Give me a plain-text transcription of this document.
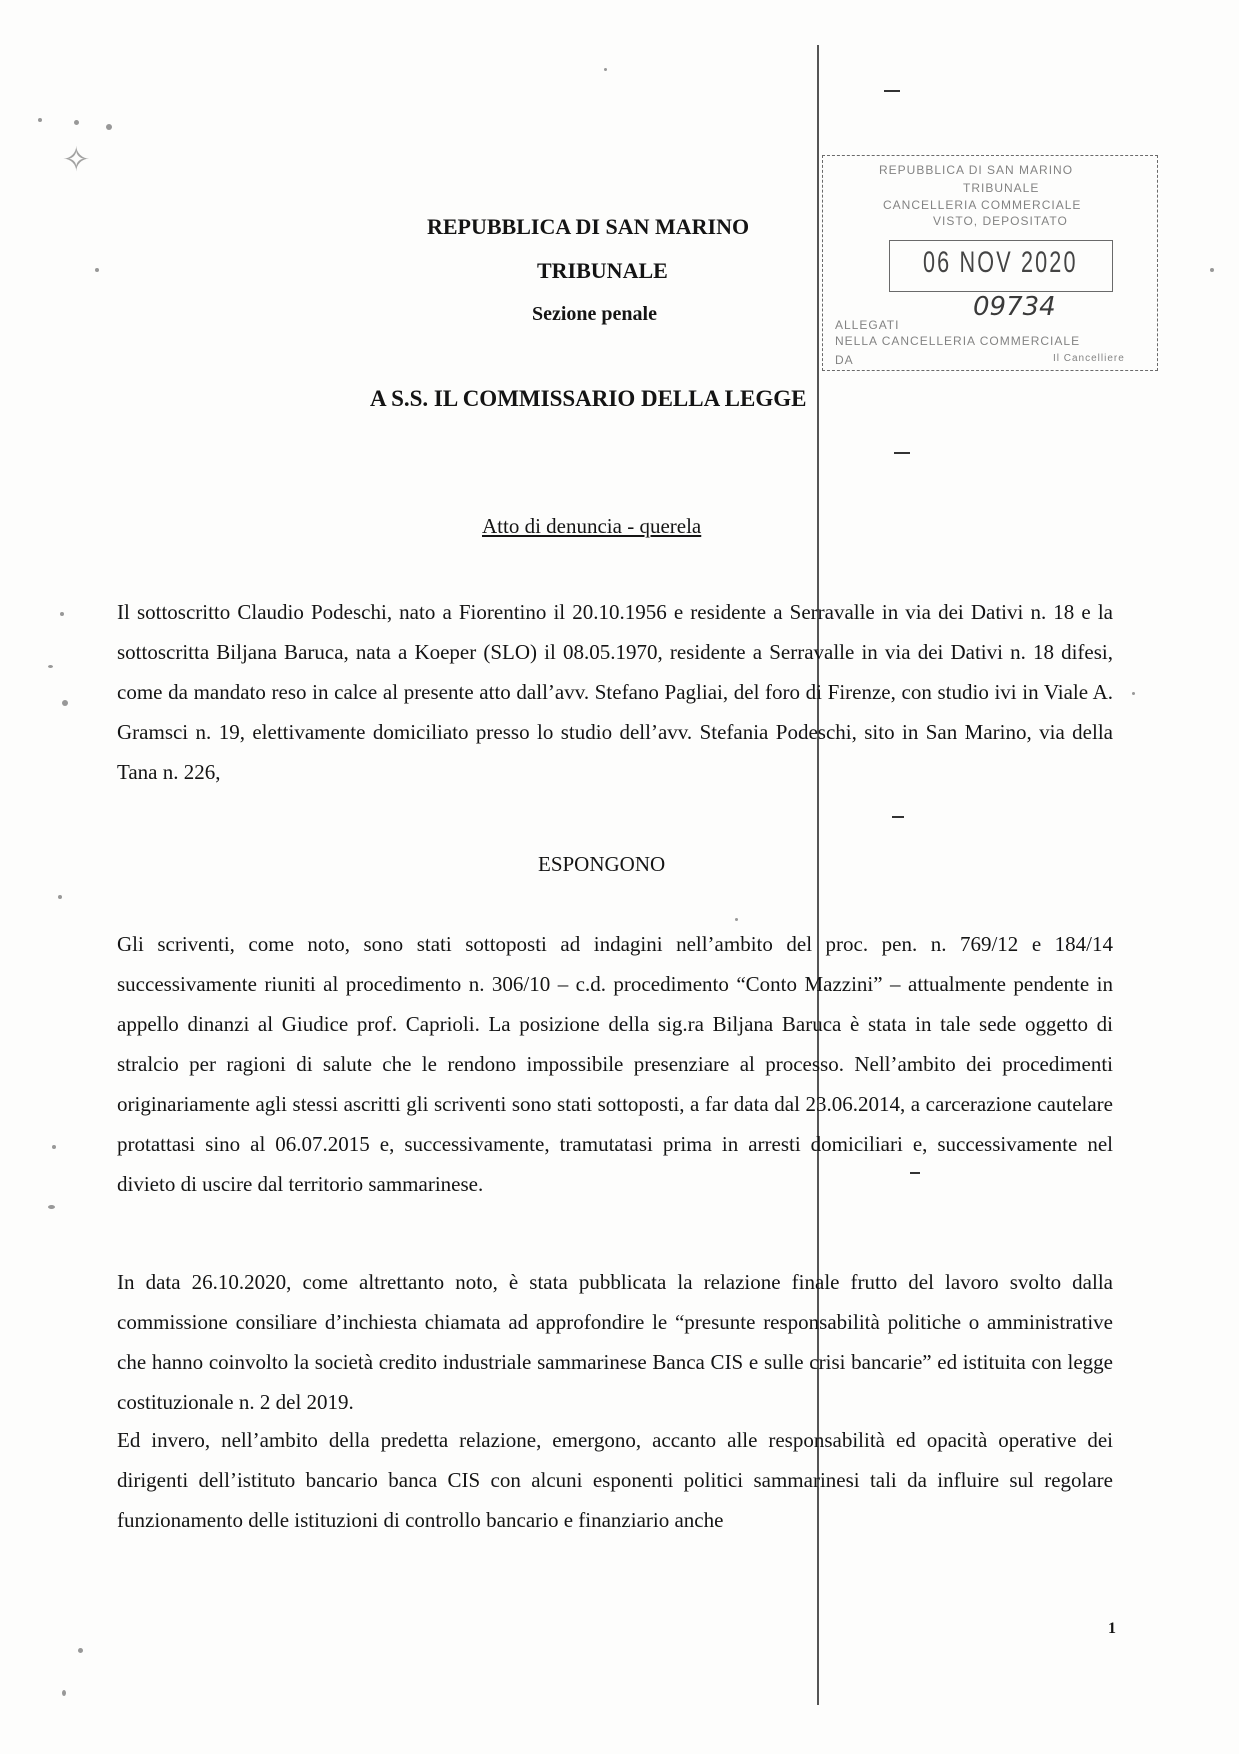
✧	REPUBBLICA DI SAN MARINO
TRIBUNALE
CANCELLERIA COMMERCIALE
VISTO, DEPOSITATO
06 NOV 2020
09734
ALLEGATI
NELLA CANCELLERIA COMMERCIALE
DA	Il Cancelliere
REPUBBLICA DI SAN MARINO
TRIBUNALE
Sezione penale
A S.S. IL COMMISSARIO DELLA LEGGE
Atto di denuncia - querela

Il sottoscritto Claudio Podeschi, nato a Fiorentino il 20.10.1956 e residente a Serravalle in via dei Dativi n. 18 e la sottoscritta Biljana Baruca, nata a Koeper (SLO) il 08.05.1970, residente a Serravalle in via dei Dativi n. 18 difesi, come da mandato reso in calce al presente atto dall’avv. Stefano Pagliai, del foro di Firenze, con studio ivi in Viale A. Gramsci n. 19, elettivamente domiciliato presso lo studio dell’avv. Stefania Podeschi, sito in San Marino, via della Tana n. 226,

ESPONGONO

Gli scriventi, come noto, sono stati sottoposti ad indagini nell’ambito del proc. pen. n. 769/12 e 184/14 successivamente riuniti al procedimento n. 306/10 – c.d. procedimento “Conto Mazzini” – attualmente pendente in appello dinanzi al Giudice prof. Caprioli. La posizione della sig.ra Biljana Baruca è stata in tale sede oggetto di stralcio per ragioni di salute che le rendono impossibile presenziare al processo. Nell’ambito dei procedimenti originariamente agli stessi ascritti gli scriventi sono stati sottoposti, a far data dal 23.06.2014, a carcerazione cautelare protattasi sino al 06.07.2015 e, successivamente, tramutatasi prima in arresti domiciliari e, successivamente nel divieto di uscire dal territorio sammarinese.

In data 26.10.2020, come altrettanto noto, è stata pubblicata la relazione finale frutto del lavoro svolto dalla commissione consiliare d’inchiesta chiamata ad approfondire le “presunte responsabilità politiche o amministrative che hanno coinvolto la società credito industriale sammarinese Banca CIS e sulle crisi bancarie” ed istituita con legge costituzionale n. 2 del 2019.

Ed invero, nell’ambito della predetta relazione, emergono, accanto alle responsabilità ed opacità operative dei dirigenti dell’istituto bancario banca CIS con alcuni esponenti politici sammarinesi tali da influire sul regolare funzionamento delle istituzioni di controllo bancario e finanziario anche

1
